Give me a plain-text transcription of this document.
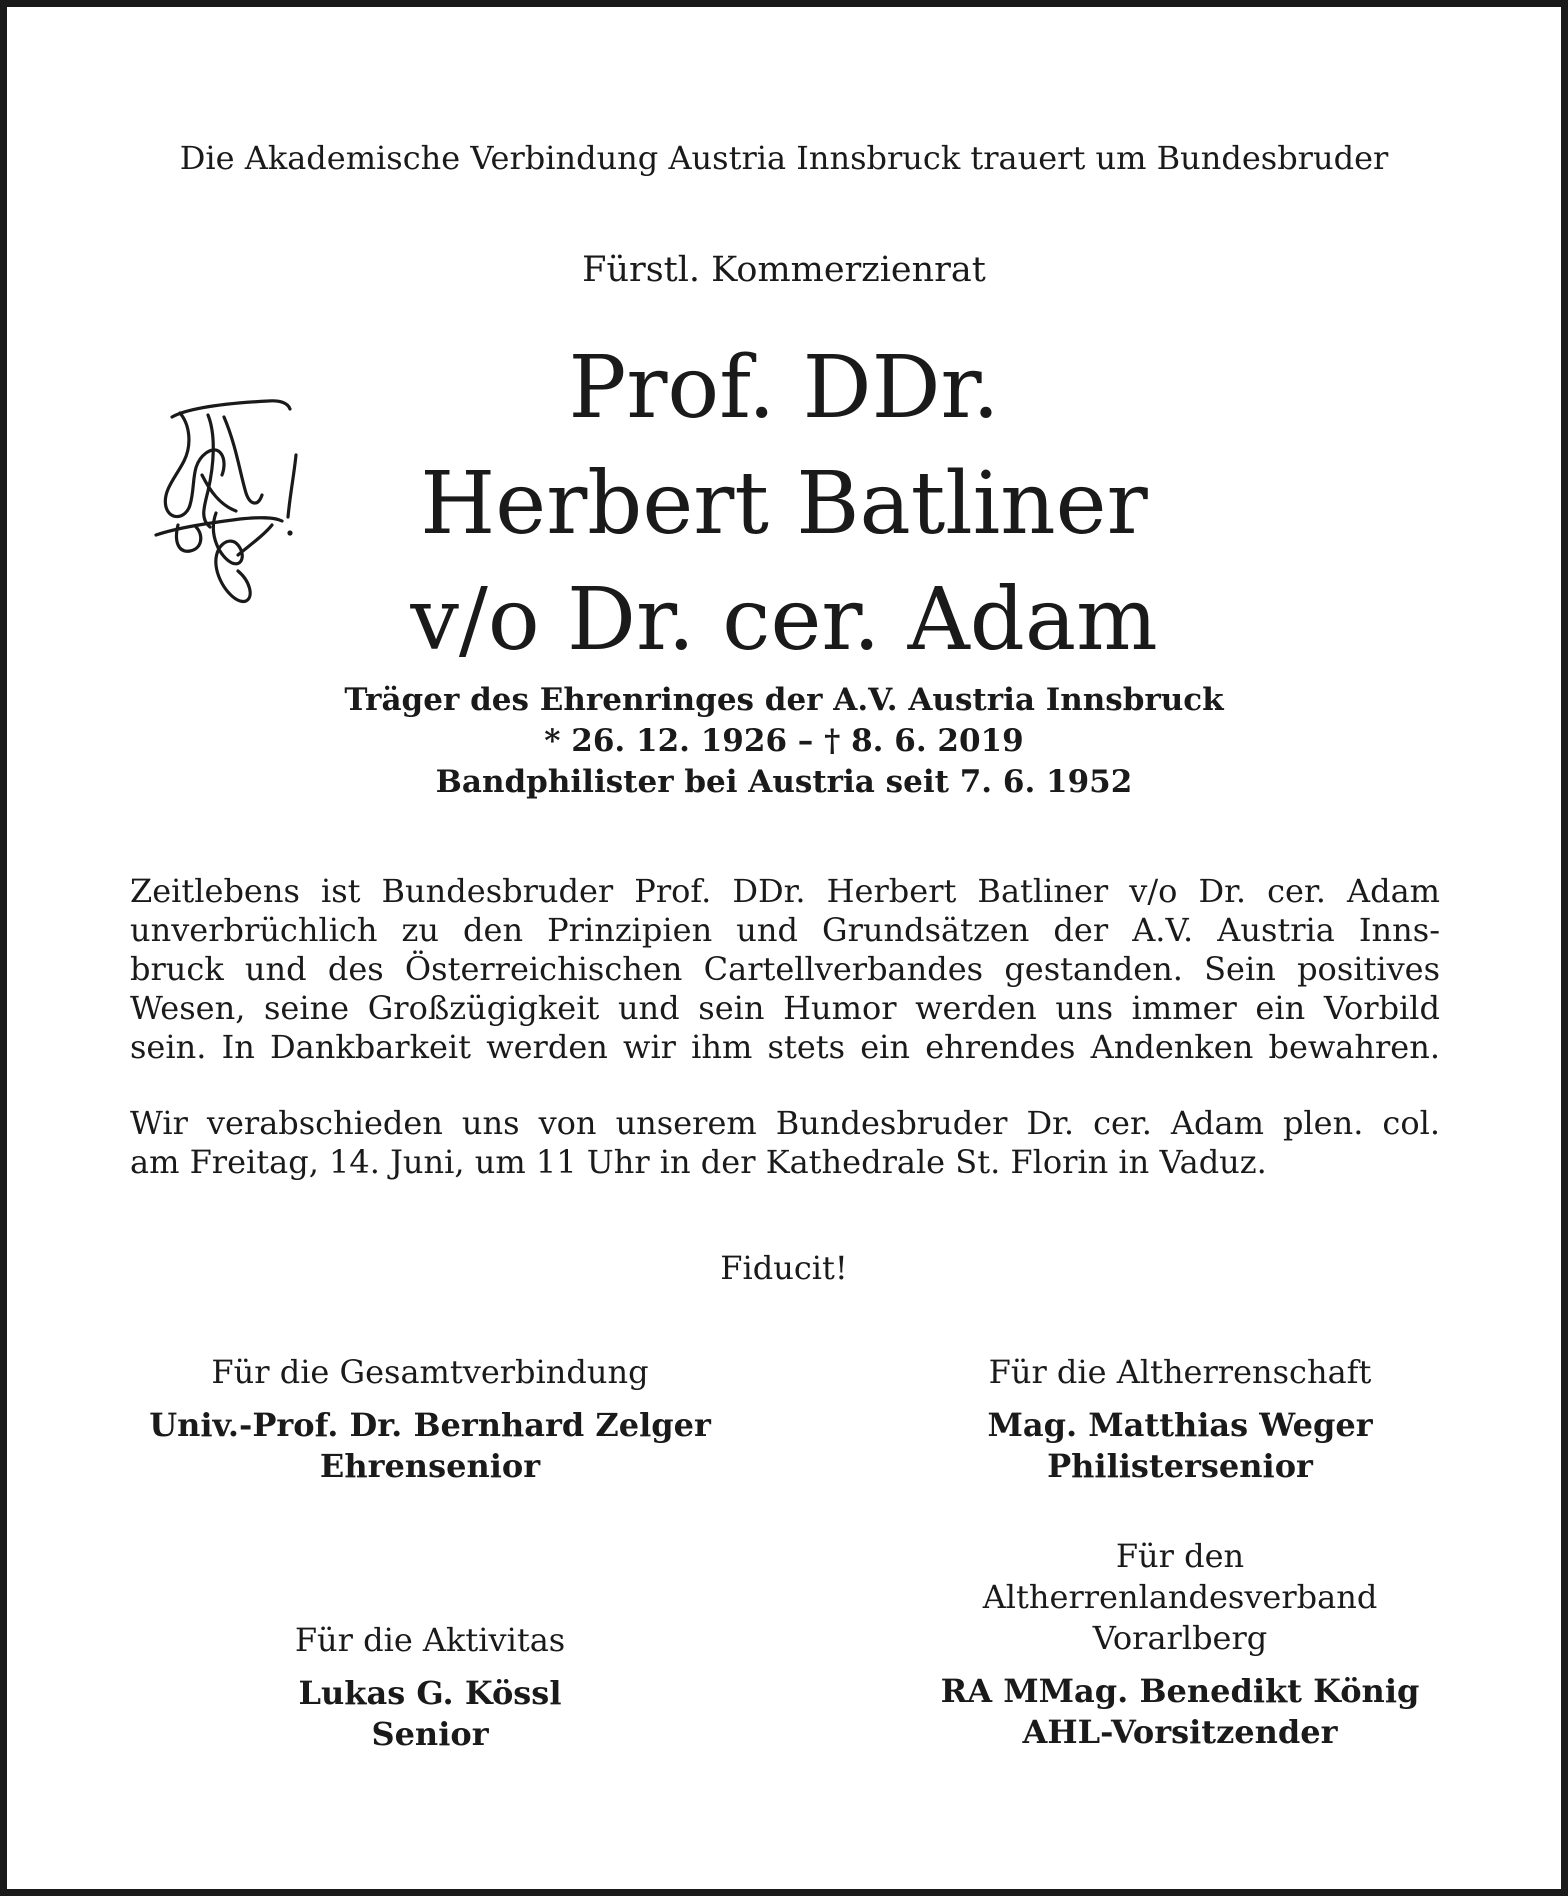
Die Akademische Verbindung Austria Innsbruck trauert um Bundesbruder
Fürstl. Kommerzienrat
Prof. DDr.
Herbert Batliner
v/o Dr. cer. Adam
Träger des Ehrenringes der A.V. Austria Innsbruck
* 26. 12. 1926 – † 8. 6. 2019
Bandphilister bei Austria seit 7. 6. 1952
Zeitlebens ist Bundesbruder Prof. DDr. Herbert Batliner v/o Dr. cer. Adam
unverbrüchlich zu den Prinzipien und Grundsätzen der A.V. Austria Inns-
bruck und des Österreichischen Cartellverbandes gestanden. Sein positives
Wesen, seine Großzügigkeit und sein Humor werden uns immer ein Vorbild
sein. In Dankbarkeit werden wir ihm stets ein ehrendes Andenken bewahren.
Wir verabschieden uns von unserem Bundesbruder Dr. cer. Adam plen. col.
am Freitag, 14. Juni, um 11 Uhr in der Kathedrale St. Florin in Vaduz.
Fiducit!
Für die Gesamtverbindung
Univ.-Prof. Dr. Bernhard Zelger
Ehrensenior
Für die Altherrenschaft
Mag. Matthias Weger
Philistersenior
Für die Aktivitas
Lukas G. Kössl
Senior
Für den
Altherrenlandesverband
Vorarlberg
RA MMag. Benedikt König
AHL-Vorsitzender
